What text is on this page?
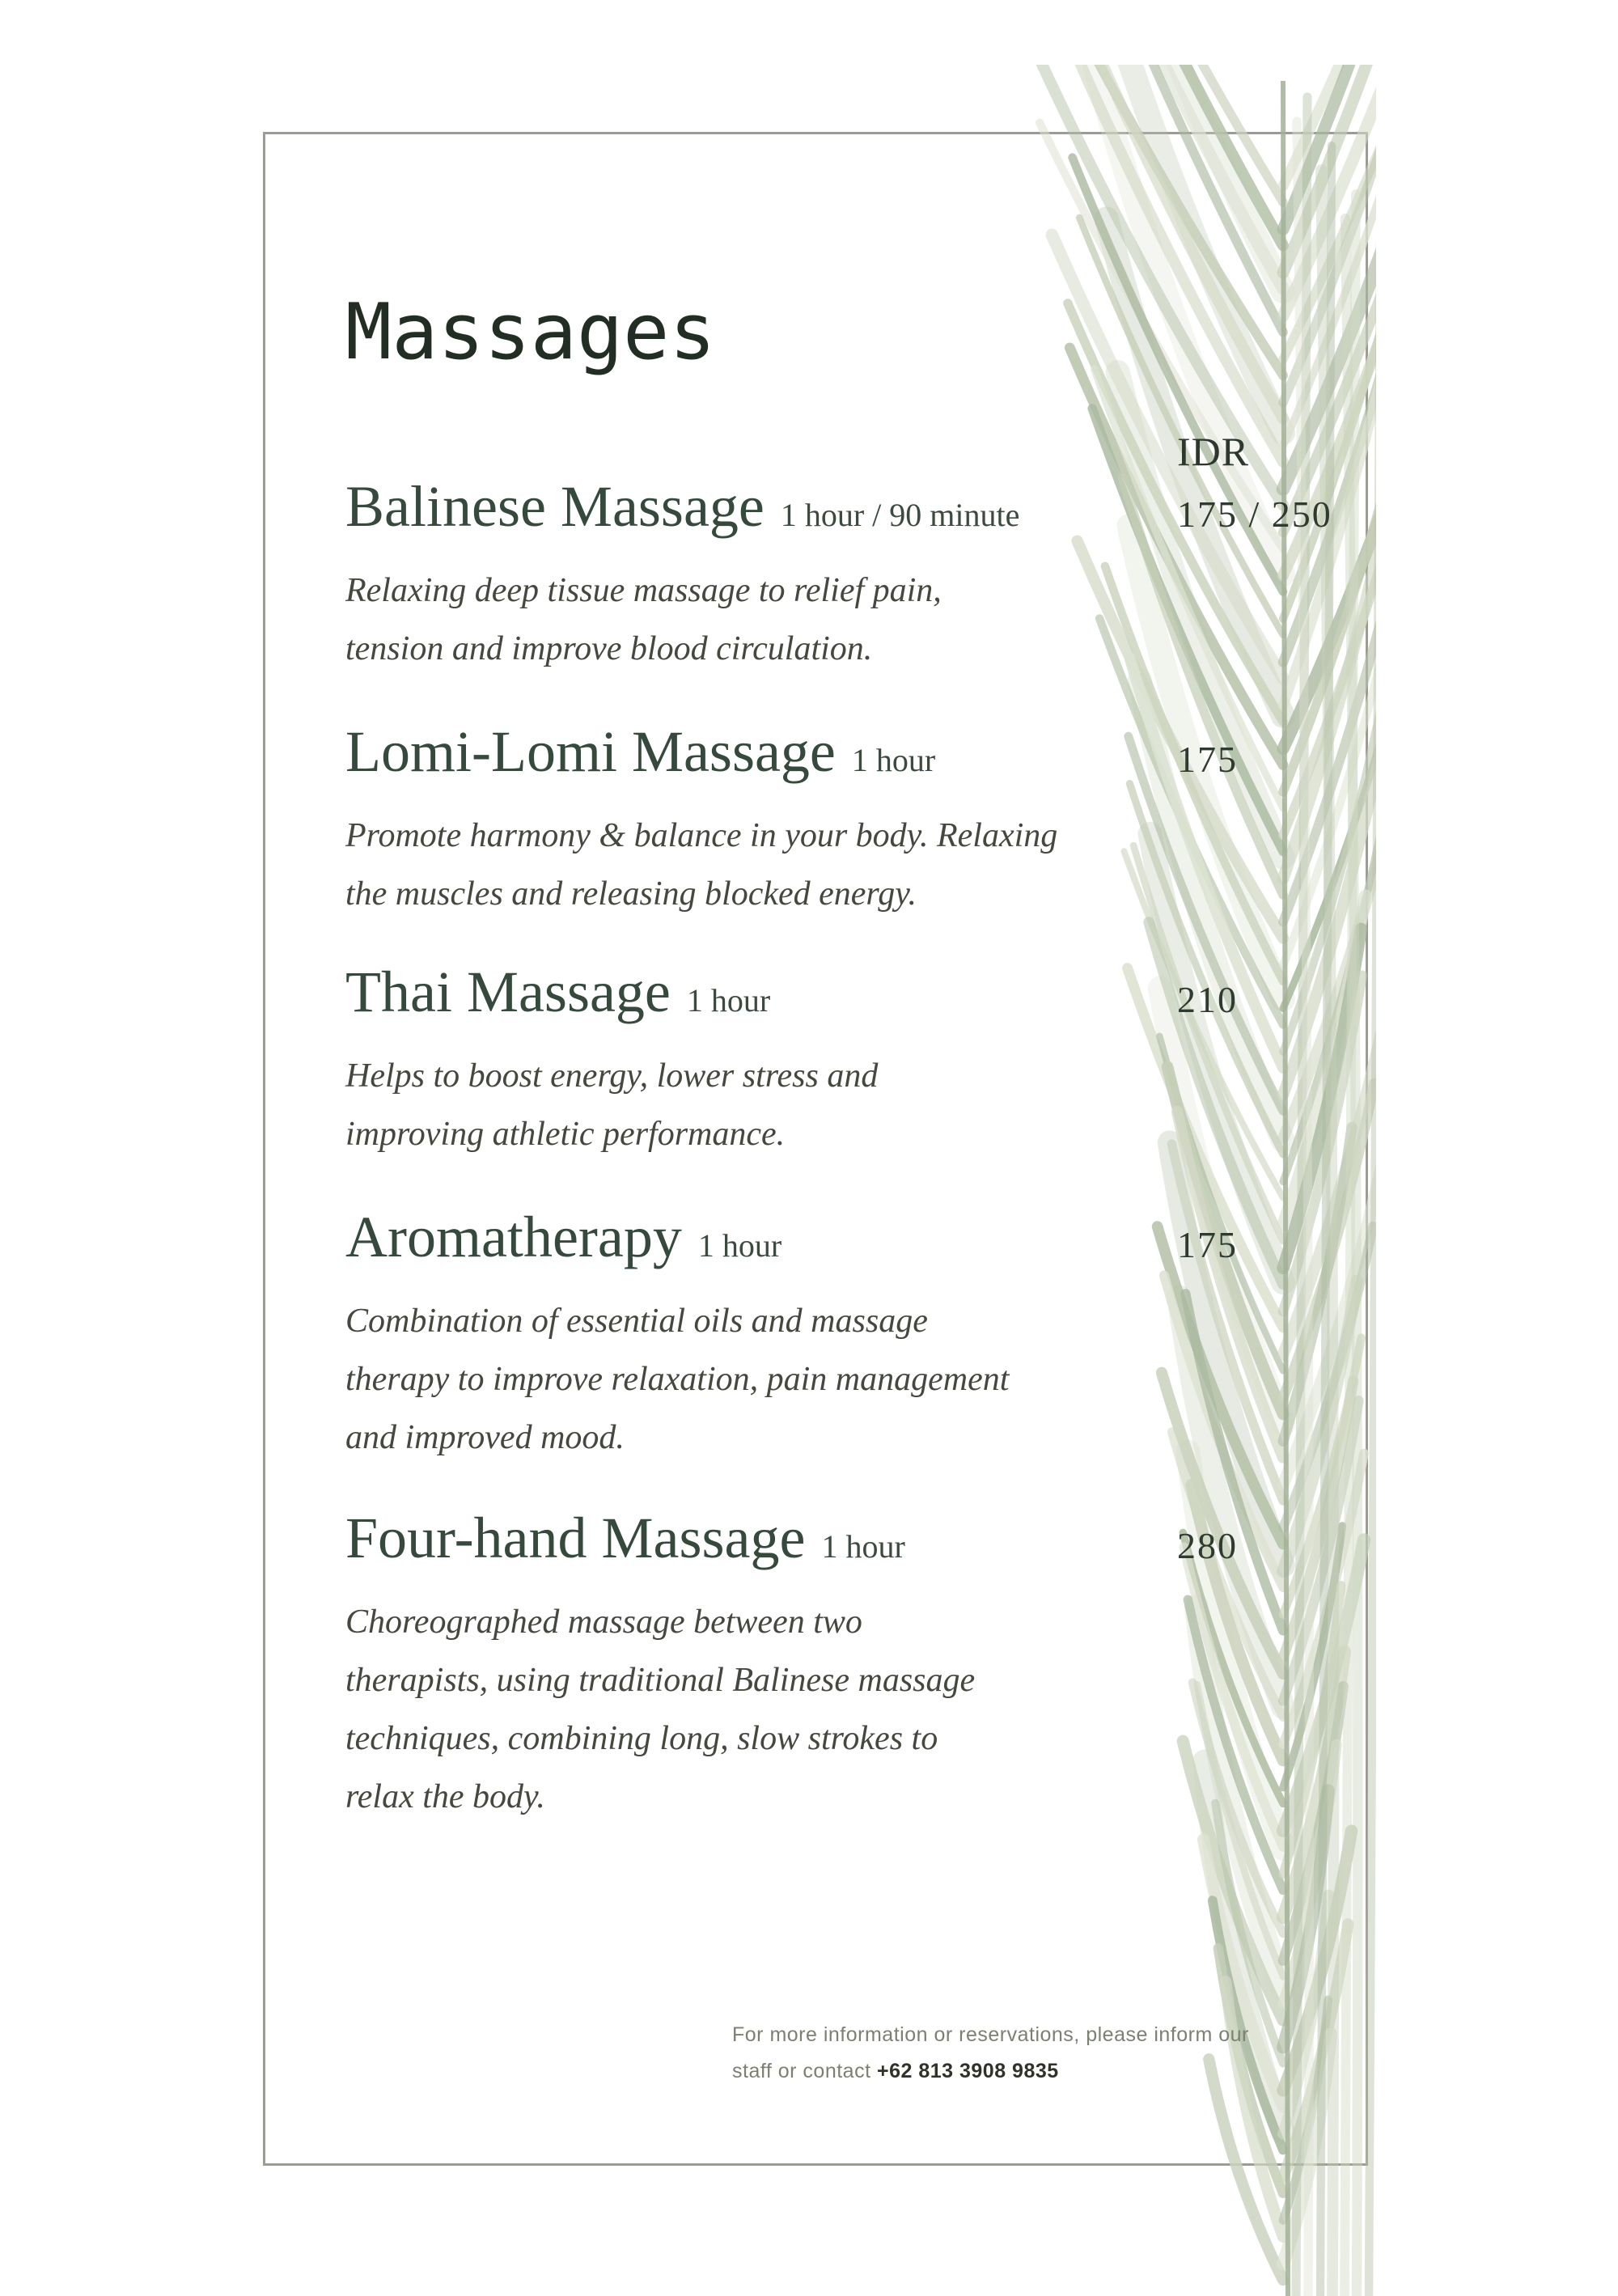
Massages
IDR
Balinese Massage 1 hour / 90 minute	175 / 250
Relaxing deep tissue massage to relief pain,
tension and improve blood circulation.
Lomi-Lomi Massage 1 hour	175
Promote harmony & balance in your body. Relaxing
the muscles and releasing blocked energy.
Thai Massage 1 hour	210
Helps to boost energy, lower stress and
improving athletic performance.
Aromatherapy 1 hour	175
Combination of essential oils and massage
therapy to improve relaxation, pain management
and improved mood.
Four-hand Massage 1 hour	280
Choreographed massage between two
therapists, using traditional Balinese massage
techniques, combining long, slow strokes to
relax the body.
For more information or reservations, please inform our
staff or contact +62 813 3908 9835
